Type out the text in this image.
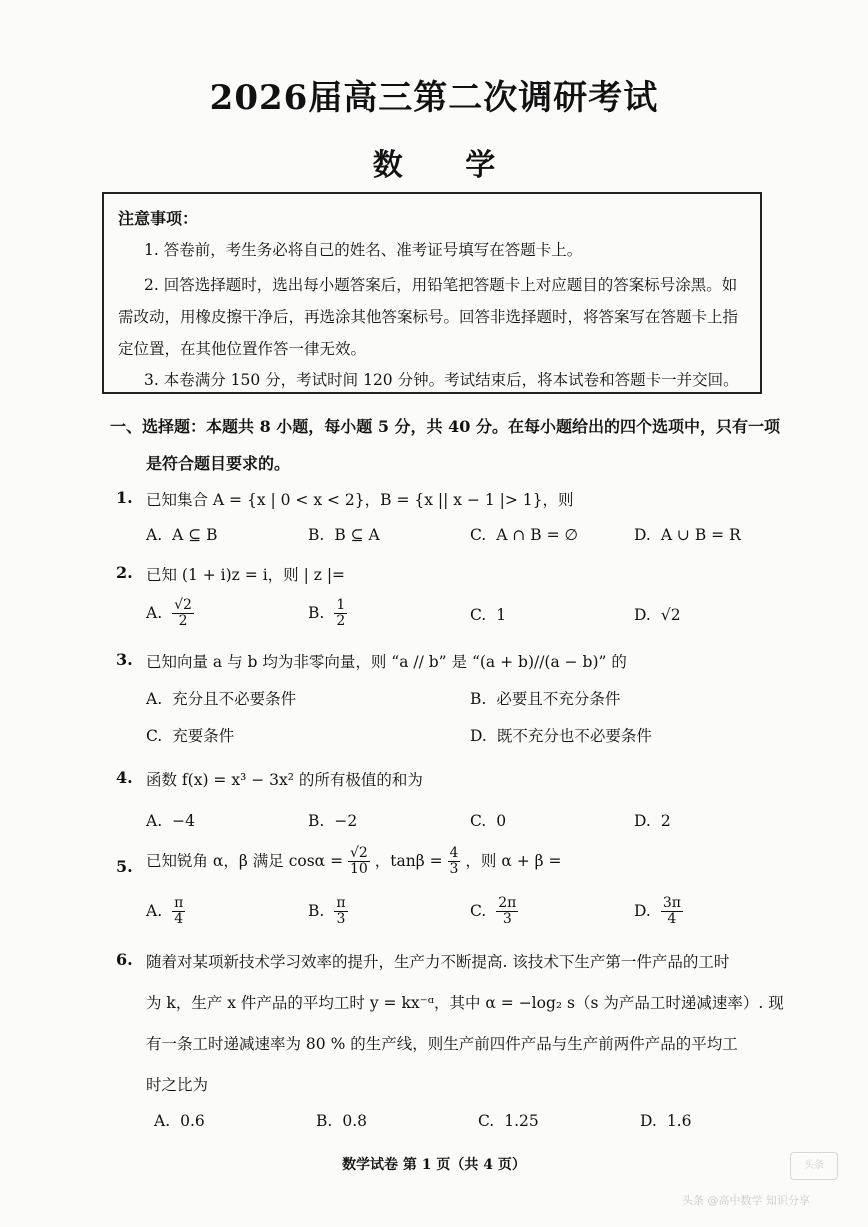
2026届高三第二次调研考试
数 学
注意事项：
1. 答卷前，考生务必将自己的姓名、准考证号填写在答题卡上。
2. 回答选择题时，选出每小题答案后，用铅笔把答题卡上对应题目的答案标号涂黑。如
需改动，用橡皮擦干净后，再选涂其他答案标号。回答非选择题时，将答案写在答题卡上指
定位置，在其他位置作答一律无效。
3. 本卷满分 150 分，考试时间 120 分钟。考试结束后，将本试卷和答题卡一并交回。
一、选择题：本题共 8 小题，每小题 5 分，共 40 分。在每小题给出的四个选项中，只有一项
是符合题目要求的。
1. 已知集合 A = {x | 0 < x < 2}，B = {x || x − 1 |> 1}，则
A. A ⊆ B	B. B ⊆ A	C. A ∩ B = ∅	D. A ∪ B = R
2. 已知 (1 + i)z = i，则 | z |=
A. $\frac{√2}{2}$	B. $\frac{1}{2}$	C. 1	D. √2
3. 已知向量 a 与 b 均为非零向量，则 “a // b” 是 “(a + b)//(a − b)” 的
A. 充分且不必要条件	B. 必要且不充分条件
C. 充要条件	D. 既不充分也不必要条件
4. 函数 f(x) = x³ − 3x² 的所有极值的和为
A. −4	B. −2	C. 0	D. 2
5. 已知锐角 α，β 满足 $\cos\alpha = \frac{√2}{10}$ ，$\tan\beta = \frac{4}{3}$ ，则 α + β =
A. $\frac{\pi}{4}$	B. $\frac{\pi}{3}$	C. $\frac{2\pi}{3}$	D. $\frac{3\pi}{4}$
6. 随着对某项新技术学习效率的提升，生产力不断提高. 该技术下生产第一件产品的工时
为 k，生产 x 件产品的平均工时 y = kx⁻ᵅ，其中 α = −log₂ s（s 为产品工时递减速率）. 现
有一条工时递减速率为 80 % 的生产线，则生产前四件产品与生产前两件产品的平均工
时之比为
A. 0.6	B. 0.8	C. 1.25	D. 1.6
数学试卷 第 1 页（共 4 页）	头条
头条 @高中数学 知识分享
